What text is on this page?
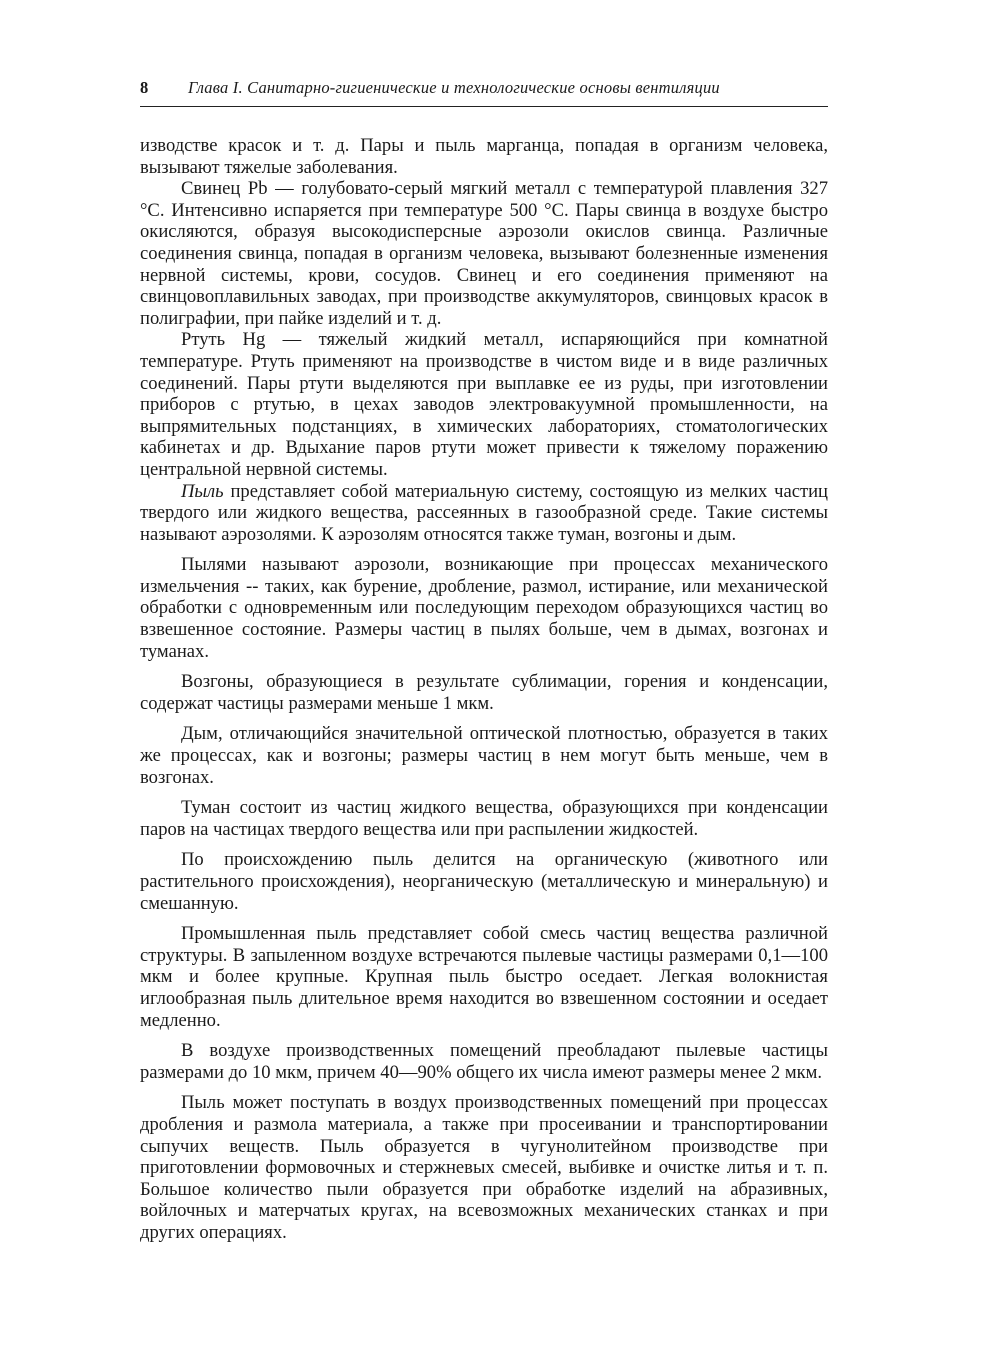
8	Глава I. Санитарно-гигиенические и технологические основы вентиляции

изводстве красок и т. д. Пары и пыль марганца, попадая в организм человека, вызывают тяжелые заболевания.

Свинец Pb — голубовато-серый мягкий металл с температурой плавления 327 °С. Интенсивно испаряется при температуре 500 °С. Пары свинца в воздухе быстро окисляются, образуя высокодисперсные аэрозоли окислов свинца. Различные соединения свинца, попадая в организм человека, вызывают болезненные изменения нервной системы, крови, сосудов. Свинец и его соединения применяют на свинцовоплавильных заводах, при производстве аккумуляторов, свинцовых красок в полиграфии, при пайке изделий и т. д.

Ртуть Hg — тяжелый жидкий металл, испаряющийся при комнатной температуре. Ртуть применяют на производстве в чистом виде и в виде различных соединений. Пары ртути выделяются при выплавке ее из руды, при изготовлении приборов с ртутью, в цехах заводов электровакуумной промышленности, на выпрямительных подстанциях, в химических лабораториях, стоматологических кабинетах и др. Вдыхание паров ртути может привести к тяжелому поражению центральной нервной системы.

Пыль представляет собой материальную систему, состоящую из мелких частиц твердого или жидкого вещества, рассеянных в газообразной среде. Такие системы называют аэрозолями. К аэрозолям относятся также туман, возгоны и дым.

Пылями называют аэрозоли, возникающие при процессах механического измельчения -- таких, как бурение, дробление, размол, истирание, или механической обработки с одновременным или последующим переходом образующихся частиц во взвешенное состояние. Размеры частиц в пылях больше, чем в дымах, возгонах и туманах.

Возгоны, образующиеся в результате сублимации, горения и конденсации, содержат частицы размерами меньше 1 мкм.

Дым, отличающийся значительной оптической плотностью, образуется в таких же процессах, как и возгоны; размеры частиц в нем могут быть меньше, чем в возгонах.

Туман состоит из частиц жидкого вещества, образующихся при конденсации паров на частицах твердого вещества или при распылении жидкостей.

По происхождению пыль делится на органическую (животного или растительного происхождения), неорганическую (металлическую и минеральную) и смешанную.

Промышленная пыль представляет собой смесь частиц вещества различной структуры. В запыленном воздухе встречаются пылевые частицы размерами 0,1—100 мкм и более крупные. Крупная пыль быстро оседает. Легкая волокнистая иглообразная пыль длительное время находится во взвешенном состоянии и оседает медленно.

В воздухе производственных помещений преобладают пылевые частицы размерами до 10 мкм, причем 40—90% общего их числа имеют размеры менее 2 мкм.

Пыль может поступать в воздух производственных помещений при процессах дробления и размола материала, а также при просеивании и транспортировании сыпучих веществ. Пыль образуется в чугунолитейном производстве при приготовлении формовочных и стержневых смесей, выбивке и очистке литья и т. п. Большое количество пыли образуется при обработке изделий на абразивных, войлочных и матерчатых кругах, на всевозможных механических станках и при других операциях.
